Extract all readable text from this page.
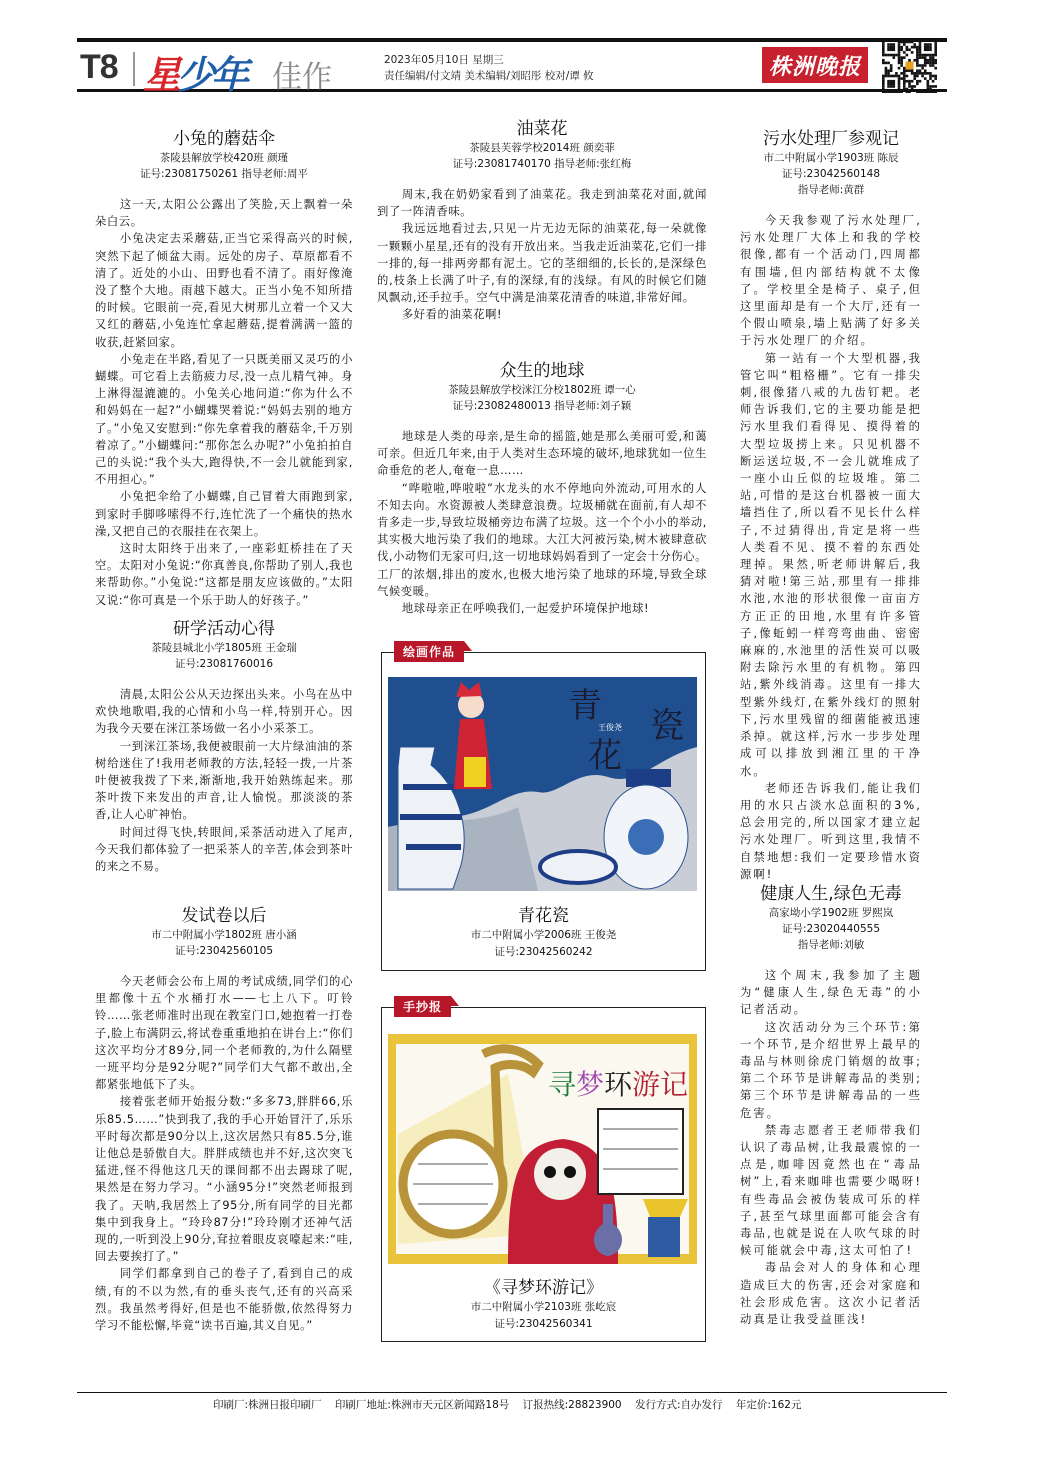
T8 星少年 佳作	2023年05月10日 星期三
责任编辑/付文靖 美术编辑/刘昭彤 校对/谭 攸	株洲晚报
小兔的蘑菇伞
茶陵县解放学校420班 颜瑾
证号:23081750261 指导老师:周平

这一天,太阳公公露出了笑脸,天上飘着一朵朵白云。

小兔决定去采蘑菇,正当它采得高兴的时候,突然下起了倾盆大雨。远处的房子、草原都看不清了。近处的小山、田野也看不清了。雨好像淹没了整个大地。雨越下越大。正当小兔不知所措的时候。它眼前一亮,看见大树那儿立着一个又大又红的蘑菇,小兔连忙拿起蘑菇,提着满满一篮的收获,赶紧回家。

小兔走在半路,看见了一只既美丽又灵巧的小蝴蝶。可它看上去筋疲力尽,没一点儿精气神。身上淋得湿漉漉的。小兔关心地问道:“你为什么不和妈妈在一起?”小蝴蝶哭着说:“妈妈去别的地方了。”小兔又安慰到:“你先拿着我的蘑菇伞,千万别着凉了。”小蝴蝶问:“那你怎么办呢?”小兔拍拍自己的头说:“我个头大,跑得快,不一会儿就能到家,不用担心。”

小兔把伞给了小蝴蝶,自己冒着大雨跑到家,到家时手脚哆嗦得不行,连忙洗了一个痛快的热水澡,又把自己的衣服挂在衣架上。

这时太阳终于出来了,一座彩虹桥挂在了天空。太阳对小兔说:“你真善良,你帮助了别人,我也来帮助你。”小兔说:“这都是朋友应该做的。”太阳又说:“你可真是一个乐于助人的好孩子。”

研学活动心得
茶陵县城北小学1805班 王金瑞
证号:23081760016

清晨,太阳公公从天边探出头来。小鸟在丛中欢快地歌唱,我的心情和小鸟一样,特别开心。因为我今天要在洣江茶场做一名小小采茶工。

一到洣江茶场,我便被眼前一大片绿油油的茶树给迷住了!我用老师教的方法,轻轻一拨,一片茶叶便被我拨了下来,渐渐地,我开始熟练起来。那茶叶拨下来发出的声音,让人愉悦。那淡淡的茶香,让人心旷神怡。

时间过得飞快,转眼间,采茶活动进入了尾声,今天我们都体验了一把采茶人的辛苦,体会到茶叶的来之不易。

发试卷以后
市二中附属小学1802班 唐小涵
证号:23042560105

今天老师会公布上周的考试成绩,同学们的心里都像十五个水桶打水——七上八下。叮铃铃……张老师准时出现在教室门口,她抱着一打卷子,脸上布满阴云,将试卷重重地拍在讲台上:“你们这次平均分才89分,同一个老师教的,为什么隔壁一班平均分是92分呢?”同学们大气都不敢出,全都紧张地低下了头。

接着张老师开始报分数:“多多73,胖胖66,乐乐85.5……”快到我了,我的手心开始冒汗了,乐乐平时每次都是90分以上,这次居然只有85.5分,谁让他总是骄傲自大。胖胖成绩也并不好,这次突飞猛进,怪不得他这几天的课间都不出去踢球了呢,果然是在努力学习。“小涵95分!”突然老师报到我了。天呐,我居然上了95分,所有同学的目光都集中到我身上。“玲玲87分!”玲玲刚才还神气活现的,一听到没上90分,耷拉着眼皮哀嚎起来:“哇,回去要挨打了。”

同学们都拿到自己的卷子了,看到自己的成绩,有的不以为然,有的垂头丧气,还有的兴高采烈。我虽然考得好,但是也不能骄傲,依然得努力学习不能松懈,毕竟“读书百遍,其义自见。”

油菜花
茶陵县芙蓉学校2014班 颜奕菲
证号:23081740170 指导老师:张红梅

周末,我在奶奶家看到了油菜花。我走到油菜花对面,就闻到了一阵清香味。

我远远地看过去,只见一片无边无际的油菜花,每一朵就像一颗颗小星星,还有的没有开放出来。当我走近油菜花,它们一排一排的,每一排两旁都有泥土。它的茎细细的,长长的,是深绿色的,枝条上长满了叶子,有的深绿,有的浅绿。有风的时候它们随风飘动,还手拉手。空气中满是油菜花清香的味道,非常好闻。

多好看的油菜花啊!

众生的地球
茶陵县解放学校洣江分校1802班 谭一心
证号:23082480013 指导老师:刘子颖

地球是人类的母亲,是生命的摇篮,她是那么美丽可爱,和蔼可亲。但近几年来,由于人类对生态环境的破坏,地球犹如一位生命垂危的老人,奄奄一息……

“哗啦啦,哗啦啦”水龙头的水不停地向外流动,可用水的人不知去向。水资源被人类肆意浪费。垃圾桶就在面前,有人却不肯多走一步,导致垃圾桶旁边布满了垃圾。这一个个小小的举动,其实极大地污染了我们的地球。大江大河被污染,树木被肆意砍伐,小动物们无家可归,这一切地球妈妈看到了一定会十分伤心。工厂的浓烟,排出的废水,也极大地污染了地球的环境,导致全球气候变暖。

地球母亲正在呼唤我们,一起爱护环境保护地球!

污水处理厂参观记
市二中附属小学1903班 陈辰
证号:23042560148
指导老师:黄群

今天我参观了污水处理厂,污水处理厂大体上和我的学校很像,都有一个活动门,四周都有围墙,但内部结构就不太像了。学校里全是椅子、桌子,但这里面却是有一个大厅,还有一个假山喷泉,墙上贴满了好多关于污水处理厂的介绍。

第一站有一个大型机器,我管它叫“粗格栅”。它有一排尖刺,很像猪八戒的九齿钉耙。老师告诉我们,它的主要功能是把污水里我们看得见、摸得着的大型垃圾捞上来。只见机器不断运送垃圾,不一会儿就堆成了一座小山丘似的垃圾堆。第二站,可惜的是这台机器被一面大墙挡住了,所以看不见长什么样子,不过猜得出,肯定是将一些人类看不见、摸不着的东西处理掉。果然,听老师讲解后,我猜对啦!第三站,那里有一排排水池,水池的形状很像一亩亩方方正正的田地,水里有许多管子,像蚯蚓一样弯弯曲曲、密密麻麻的,水池里的活性炭可以吸附去除污水里的有机物。第四站,紫外线消毒。这里有一排大型紫外线灯,在紫外线灯的照射下,污水里残留的细菌能被迅速杀掉。就这样,污水一步步处理成可以排放到湘江里的干净水。

老师还告诉我们,能让我们用的水只占淡水总面积的3%,总会用完的,所以国家才建立起污水处理厂。听到这里,我情不自禁地想:我们一定要珍惜水资源啊!

健康人生,绿色无毒
高家坳小学1902班 罗熙岚
证号:23020440555
指导老师:刘敏

这个周末,我参加了主题为“健康人生,绿色无毒”的小记者活动。

这次活动分为三个环节:第一个环节,是介绍世界上最早的毒品与林则徐虎门销烟的故事;第二个环节是讲解毒品的类别;第三个环节是讲解毒品的一些危害。

禁毒志愿者王老师带我们认识了毒品树,让我最震惊的一点是,咖啡因竟然也在“毒品树”上,看来咖啡也需要少喝呀!有些毒品会被伪装成可乐的样子,甚至气球里面都可能会含有毒品,也就是说在人吹气球的时候可能就会中毒,这太可怕了!

毒品会对人的身体和心理造成巨大的伤害,还会对家庭和社会形成危害。这次小记者活动真是让我受益匪浅!

绘画作品
青
花
瓷
王俊尧
青花瓷
市二中附属小学2006班 王俊尧
证号:23042560242
手抄报
寻梦环游记
《寻梦环游记》
市二中附属小学2103班 张屹宸
证号:23042560341
印刷厂:株洲日报印刷厂    印刷厂地址:株洲市天元区新闻路18号    订报热线:28823900    发行方式:自办发行    年定价:162元
